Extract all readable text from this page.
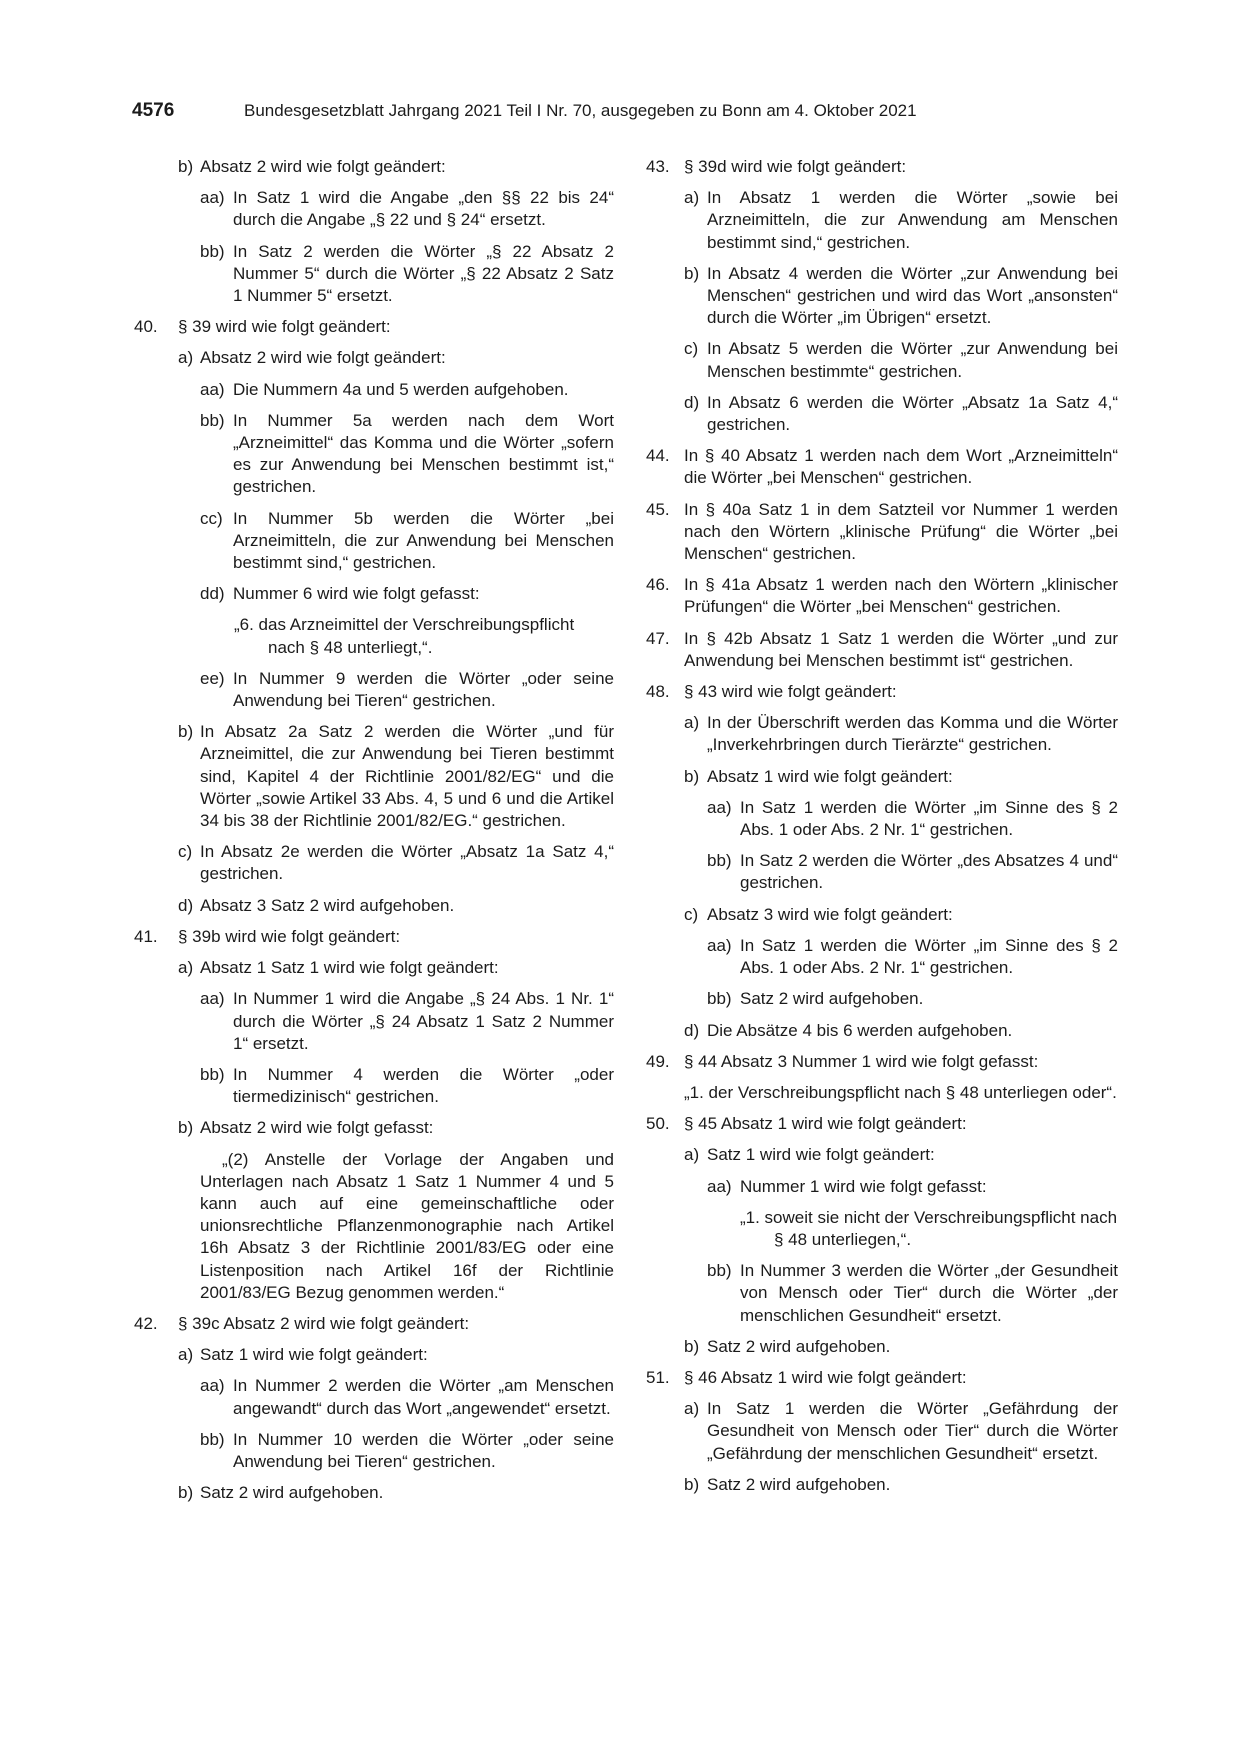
4576	Bundesgesetzblatt Jahrgang 2021 Teil I Nr. 70, ausgegeben zu Bonn am 4. Oktober 2021
b) Absatz 2 wird wie folgt geändert:
aa) In Satz 1 wird die Angabe „den §§ 22 bis 24“ durch die Angabe „§ 22 und § 24“ ersetzt.
bb) In Satz 2 werden die Wörter „§ 22 Absatz 2 Nummer 5“ durch die Wörter „§ 22 Absatz 2 Satz 1 Nummer 5“ ersetzt.
40. § 39 wird wie folgt geändert:
a) Absatz 2 wird wie folgt geändert:
aa) Die Nummern 4a und 5 werden aufgehoben.
bb) In Nummer 5a werden nach dem Wort „Arzneimittel“ das Komma und die Wörter „sofern es zur Anwendung bei Menschen bestimmt ist,“ gestrichen.
cc) In Nummer 5b werden die Wörter „bei Arzneimitteln, die zur Anwendung bei Menschen bestimmt sind,“ gestrichen.
dd) Nummer 6 wird wie folgt gefasst:
„6. das Arzneimittel der Verschreibungspflicht nach § 48 unterliegt,“.
ee) In Nummer 9 werden die Wörter „oder seine Anwendung bei Tieren“ gestrichen.
b) In Absatz 2a Satz 2 werden die Wörter „und für Arzneimittel, die zur Anwendung bei Tieren bestimmt sind, Kapitel 4 der Richtlinie 2001/82/EG“ und die Wörter „sowie Artikel 33 Abs. 4, 5 und 6 und die Artikel 34 bis 38 der Richtlinie 2001/82/EG.“ gestrichen.
c) In Absatz 2e werden die Wörter „Absatz 1a Satz 4,“ gestrichen.
d) Absatz 3 Satz 2 wird aufgehoben.
41. § 39b wird wie folgt geändert:
a) Absatz 1 Satz 1 wird wie folgt geändert:
aa) In Nummer 1 wird die Angabe „§ 24 Abs. 1 Nr. 1“ durch die Wörter „§ 24 Absatz 1 Satz 2 Nummer 1“ ersetzt.
bb) In Nummer 4 werden die Wörter „oder tiermedizinisch“ gestrichen.
b) Absatz 2 wird wie folgt gefasst:
„(2) Anstelle der Vorlage der Angaben und Unterlagen nach Absatz 1 Satz 1 Nummer 4 und 5 kann auch auf eine gemeinschaftliche oder unionsrechtliche Pflanzenmonographie nach Artikel 16h Absatz 3 der Richtlinie 2001/83/EG oder eine Listenposition nach Artikel 16f der Richtlinie 2001/83/EG Bezug genommen werden.“
42. § 39c Absatz 2 wird wie folgt geändert:
a) Satz 1 wird wie folgt geändert:
aa) In Nummer 2 werden die Wörter „am Menschen angewandt“ durch das Wort „angewendet“ ersetzt.
bb) In Nummer 10 werden die Wörter „oder seine Anwendung bei Tieren“ gestrichen.
b) Satz 2 wird aufgehoben.
43. § 39d wird wie folgt geändert:
a) In Absatz 1 werden die Wörter „sowie bei Arzneimitteln, die zur Anwendung am Menschen bestimmt sind,“ gestrichen.
b) In Absatz 4 werden die Wörter „zur Anwendung bei Menschen“ gestrichen und wird das Wort „ansonsten“ durch die Wörter „im Übrigen“ ersetzt.
c) In Absatz 5 werden die Wörter „zur Anwendung bei Menschen bestimmte“ gestrichen.
d) In Absatz 6 werden die Wörter „Absatz 1a Satz 4,“ gestrichen.
44. In § 40 Absatz 1 werden nach dem Wort „Arzneimitteln“ die Wörter „bei Menschen“ gestrichen.
45. In § 40a Satz 1 in dem Satzteil vor Nummer 1 werden nach den Wörtern „klinische Prüfung“ die Wörter „bei Menschen“ gestrichen.
46. In § 41a Absatz 1 werden nach den Wörtern „klinischer Prüfungen“ die Wörter „bei Menschen“ gestrichen.
47. In § 42b Absatz 1 Satz 1 werden die Wörter „und zur Anwendung bei Menschen bestimmt ist“ gestrichen.
48. § 43 wird wie folgt geändert:
a) In der Überschrift werden das Komma und die Wörter „Inverkehrbringen durch Tierärzte“ gestrichen.
b) Absatz 1 wird wie folgt geändert:
aa) In Satz 1 werden die Wörter „im Sinne des § 2 Abs. 1 oder Abs. 2 Nr. 1“ gestrichen.
bb) In Satz 2 werden die Wörter „des Absatzes 4 und“ gestrichen.
c) Absatz 3 wird wie folgt geändert:
aa) In Satz 1 werden die Wörter „im Sinne des § 2 Abs. 1 oder Abs. 2 Nr. 1“ gestrichen.
bb) Satz 2 wird aufgehoben.
d) Die Absätze 4 bis 6 werden aufgehoben.
49. § 44 Absatz 3 Nummer 1 wird wie folgt gefasst:
„1. der Verschreibungspflicht nach § 48 unterliegen oder“.
50. § 45 Absatz 1 wird wie folgt geändert:
a) Satz 1 wird wie folgt geändert:
aa) Nummer 1 wird wie folgt gefasst:
„1. soweit sie nicht der Verschreibungspflicht nach § 48 unterliegen,“.
bb) In Nummer 3 werden die Wörter „der Gesundheit von Mensch oder Tier“ durch die Wörter „der menschlichen Gesundheit“ ersetzt.
b) Satz 2 wird aufgehoben.
51. § 46 Absatz 1 wird wie folgt geändert:
a) In Satz 1 werden die Wörter „Gefährdung der Gesundheit von Mensch oder Tier“ durch die Wörter „Gefährdung der menschlichen Gesundheit“ ersetzt.
b) Satz 2 wird aufgehoben.
